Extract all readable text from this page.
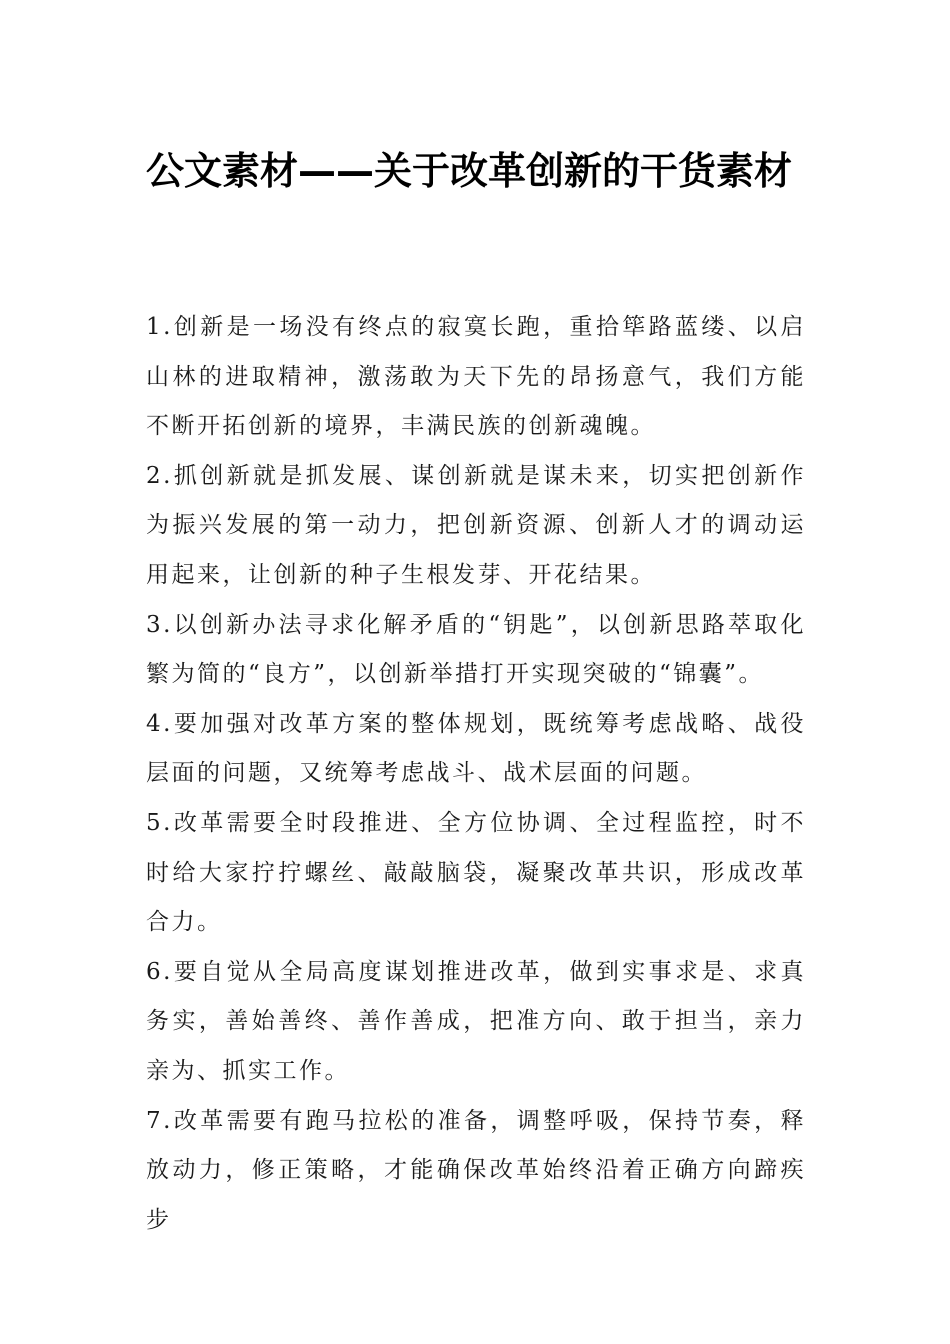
公文素材——关于改革创新的干货素材

1.创新是一场没有终点的寂寞长跑，重拾筚路蓝缕、以启山林的进取精神，激荡敢为天下先的昂扬意气，我们方能不断开拓创新的境界，丰满民族的创新魂魄。

2.抓创新就是抓发展、谋创新就是谋未来，切实把创新作为振兴发展的第一动力，把创新资源、创新人才的调动运用起来，让创新的种子生根发芽、开花结果。

3.以创新办法寻求化解矛盾的“钥匙”，以创新思路萃取化繁为简的“良方”，以创新举措打开实现突破的“锦囊”。

4.要加强对改革方案的整体规划，既统筹考虑战略、战役层面的问题，又统筹考虑战斗、战术层面的问题。

5.改革需要全时段推进、全方位协调、全过程监控，时不时给大家拧拧螺丝、敲敲脑袋，凝聚改革共识，形成改革合力。

6.要自觉从全局高度谋划推进改革，做到实事求是、求真务实，善始善终、善作善成，把准方向、敢于担当，亲力亲为、抓实工作。

7.改革需要有跑马拉松的准备，调整呼吸，保持节奏，释放动力，修正策略，才能确保改革始终沿着正确方向蹄疾步
